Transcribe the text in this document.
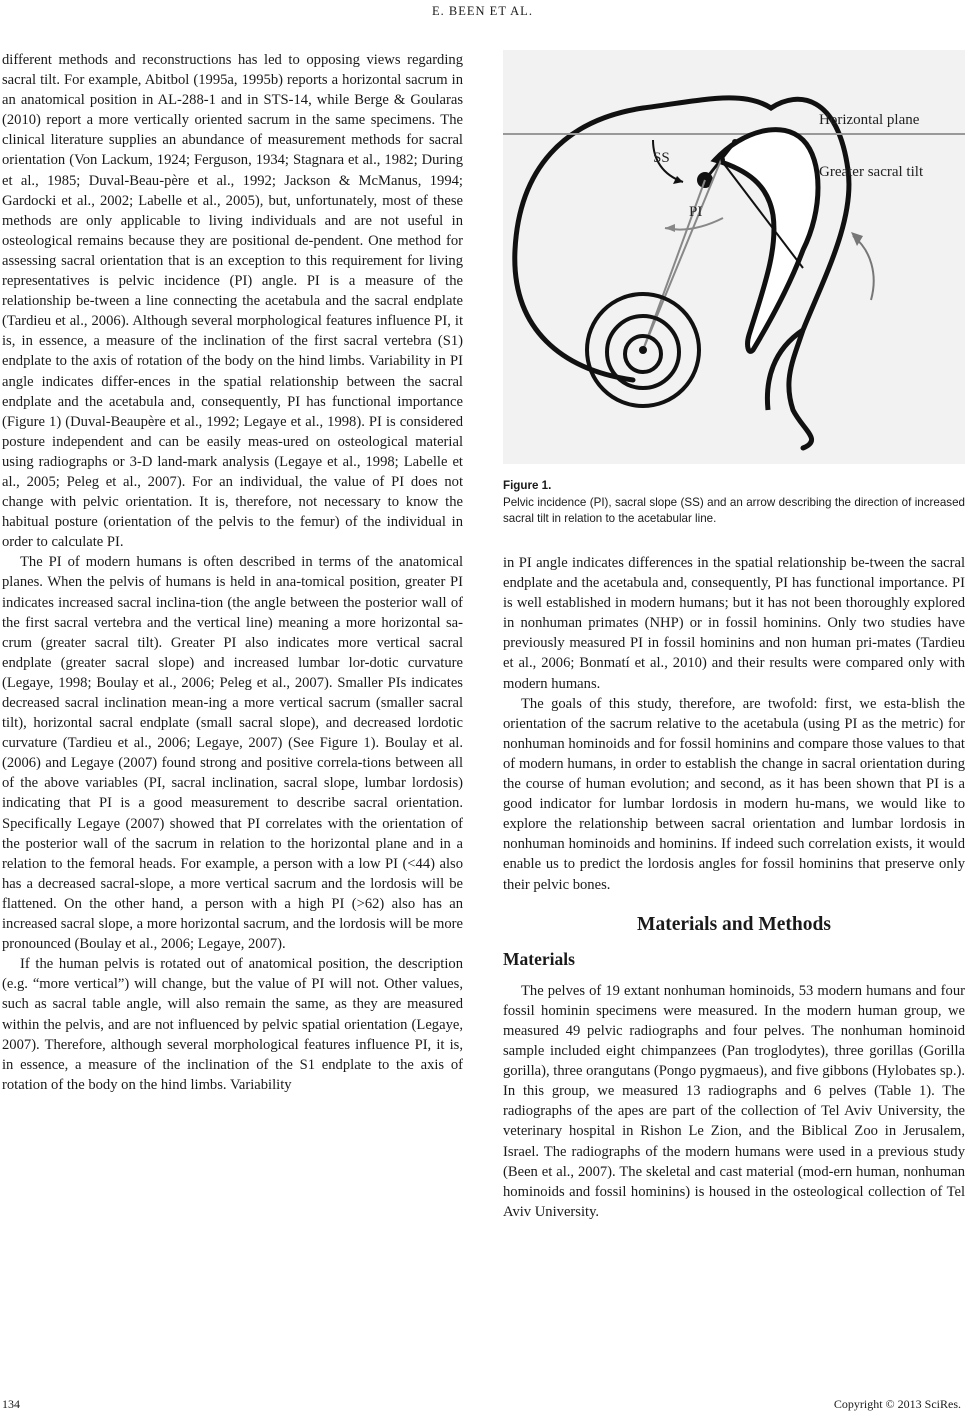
E. BEEN ET AL.

different methods and reconstructions has led to opposing views regarding sacral tilt. For example, Abitbol (1995a, 1995b) reports a horizontal sacrum in an anatomical position in AL-288-1 and in STS-14, while Berge & Goularas (2010) report a more vertically oriented sacrum in the same specimens. The clinical literature supplies an abundance of measurement methods for sacral orientation (Von Lackum, 1924; Ferguson, 1934; Stagnara et al., 1982; During et al., 1985; Duval-Beau-père et al., 1992; Jackson & McManus, 1994; Gardocki et al., 2002; Labelle et al., 2005), but, unfortunately, most of these methods are only applicable to living individuals and are not useful in osteological remains because they are positional de-pendent. One method for assessing sacral orientation that is an exception to this requirement for living representatives is pelvic incidence (PI) angle. PI is a measure of the relationship be-tween a line connecting the acetabula and the sacral endplate (Tardieu et al., 2006). Although several morphological features influence PI, it is, in essence, a measure of the inclination of the first sacral vertebra (S1) endplate to the axis of rotation of the body on the hind limbs. Variability in PI angle indicates differ-ences in the spatial relationship between the sacral endplate and the acetabula and, consequently, PI has functional importance (Figure 1) (Duval-Beaupère et al., 1992; Legaye et al., 1998). PI is considered posture independent and can be easily meas-ured on osteological material using radiographs or 3-D land-mark analysis (Legaye et al., 1998; Labelle et al., 2005; Peleg et al., 2007). For an individual, the value of PI does not change with pelvic orientation. It is, therefore, not necessary to know the habitual posture (orientation of the pelvis to the femur) of the individual in order to calculate PI.

The PI of modern humans is often described in terms of the anatomical planes. When the pelvis of humans is held in ana-tomical position, greater PI indicates increased sacral inclina-tion (the angle between the posterior wall of the first sacral vertebra and the vertical line) meaning a more horizontal sa-crum (greater sacral tilt). Greater PI also indicates more vertical sacral endplate (greater sacral slope) and increased lumbar lor-dotic curvature (Legaye, 1998; Boulay et al., 2006; Peleg et al., 2007). Smaller PIs indicates decreased sacral inclination mean-ing a more vertical sacrum (smaller sacral tilt), horizontal sacral endplate (small sacral slope), and decreased lordotic curvature (Tardieu et al., 2006; Legaye, 2007) (See Figure 1). Boulay et al. (2006) and Legaye (2007) found strong and positive correla-tions between all of the above variables (PI, sacral inclination, sacral slope, lumbar lordosis) indicating that PI is a good measurement to describe sacral orientation. Specifically Legaye (2007) showed that PI correlates with the orientation of the posterior wall of the sacrum in relation to the horizontal plane and in a relation to the femoral heads. For example, a person with a low PI (<44) also has a decreased sacral-slope, a more vertical sacrum and the lordosis will be flattened. On the other hand, a person with a high PI (>62) also has an increased sacral slope, a more horizontal sacrum, and the lordosis will be more pronounced (Boulay et al., 2006; Legaye, 2007).

If the human pelvis is rotated out of anatomical position, the description (e.g. “more vertical”) will change, but the value of PI will not. Other values, such as sacral table angle, will also remain the same, as they are measured within the pelvis, and are not influenced by pelvic spatial orientation (Legaye, 2007). Therefore, although several morphological features influence PI, it is, in essence, a measure of the inclination of the S1 endplate to the axis of rotation of the body on the hind limbs. Variability

Horizontal plane
Greater sacral tilt
SS
PI
Figure 1.
Pelvic incidence (PI), sacral slope (SS) and an arrow describing the direction of increased sacral tilt in relation to the acetabular line.

in PI angle indicates differences in the spatial relationship be-tween the sacral endplate and the acetabula and, consequently, PI has functional importance. PI is well established in modern humans; but it has not been thoroughly explored in nonhuman primates (NHP) or in fossil hominins. Only two studies have previously measured PI in fossil hominins and non human pri-mates (Tardieu et al., 2006; Bonmatí et al., 2010) and their results were compared only with modern humans.

The goals of this study, therefore, are twofold: first, we esta-blish the orientation of the sacrum relative to the acetabula (using PI as the metric) for nonhuman hominoids and for fossil hominins and compare those values to that of modern humans, in order to establish the change in sacral orientation during the course of human evolution; and second, as it has been shown that PI is a good indicator for lumbar lordosis in modern hu-mans, we would like to explore the relationship between sacral orientation and lumbar lordosis in nonhuman hominoids and hominins. If indeed such correlation exists, it would enable us to predict the lordosis angles for fossil hominins that preserve only their pelvic bones.

Materials and Methods
Materials

The pelves of 19 extant nonhuman hominoids, 53 modern humans and four fossil hominin specimens were measured. In the modern human group, we measured 49 pelvic radiographs and four pelves. The nonhuman hominoid sample included eight chimpanzees (Pan troglodytes), three gorillas (Gorilla gorilla), three orangutans (Pongo pygmaeus), and five gibbons (Hylobates sp.). In this group, we measured 13 radiographs and 6 pelves (Table 1). The radiographs of the apes are part of the collection of Tel Aviv University, the veterinary hospital in Rishon Le Zion, and the Biblical Zoo in Jerusalem, Israel. The radiographs of the modern humans were used in a previous study (Been et al., 2007). The skeletal and cast material (mod-ern human, nonhuman hominoids and fossil hominins) is housed in the osteological collection of Tel Aviv University.

134	Copyright © 2013 SciRes.
